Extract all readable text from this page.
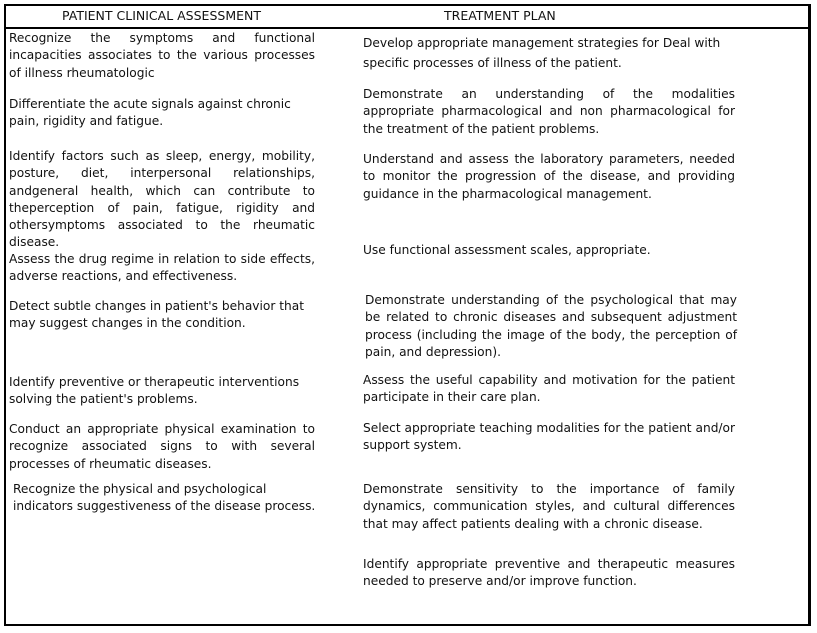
PATIENT CLINICAL ASSESSMENT	TREATMENT PLAN
Recognize the symptoms and functional incapacities associates to the various processes of illness rheumatologic
Differentiate the acute signals against chronic pain, rigidity and fatigue.
Identify factors such as sleep, energy, mobility, posture, diet, interpersonal relationships, andgeneral health, which can contribute to theperception of pain, fatigue, rigidity and othersymptoms associated to the rheumatic disease.
Assess the drug regime in relation to side effects, adverse reactions, and effectiveness.
Detect subtle changes in patient's behavior that may suggest changes in the condition.
Identify preventive or therapeutic interventions solving the patient's problems.
Conduct an appropriate physical examination to recognize associated signs to with several processes of rheumatic diseases.
Recognize the physical and psychological indicators suggestiveness of the disease process.
Develop appropriate management strategies for Deal with specific processes of illness of the patient.
Demonstrate an understanding of the modalities appropriate pharmacological and non pharmacological for the treatment of the patient problems.
Understand and assess the laboratory parameters, needed to monitor the progression of the disease, and providing guidance in the pharmacological management.
Use functional assessment scales, appropriate.
Demonstrate understanding of the psychological that may be related to chronic diseases and subsequent adjustment process (including the image of the body, the perception of pain, and depression).
Assess the useful capability and motivation for the patient participate in their care plan.
Select appropriate teaching modalities for the patient and/or support system.
Demonstrate sensitivity to the importance of family dynamics, communication styles, and cultural differences that may affect patients dealing with a chronic disease.
Identify appropriate preventive and therapeutic measures needed to preserve and/or improve function.
